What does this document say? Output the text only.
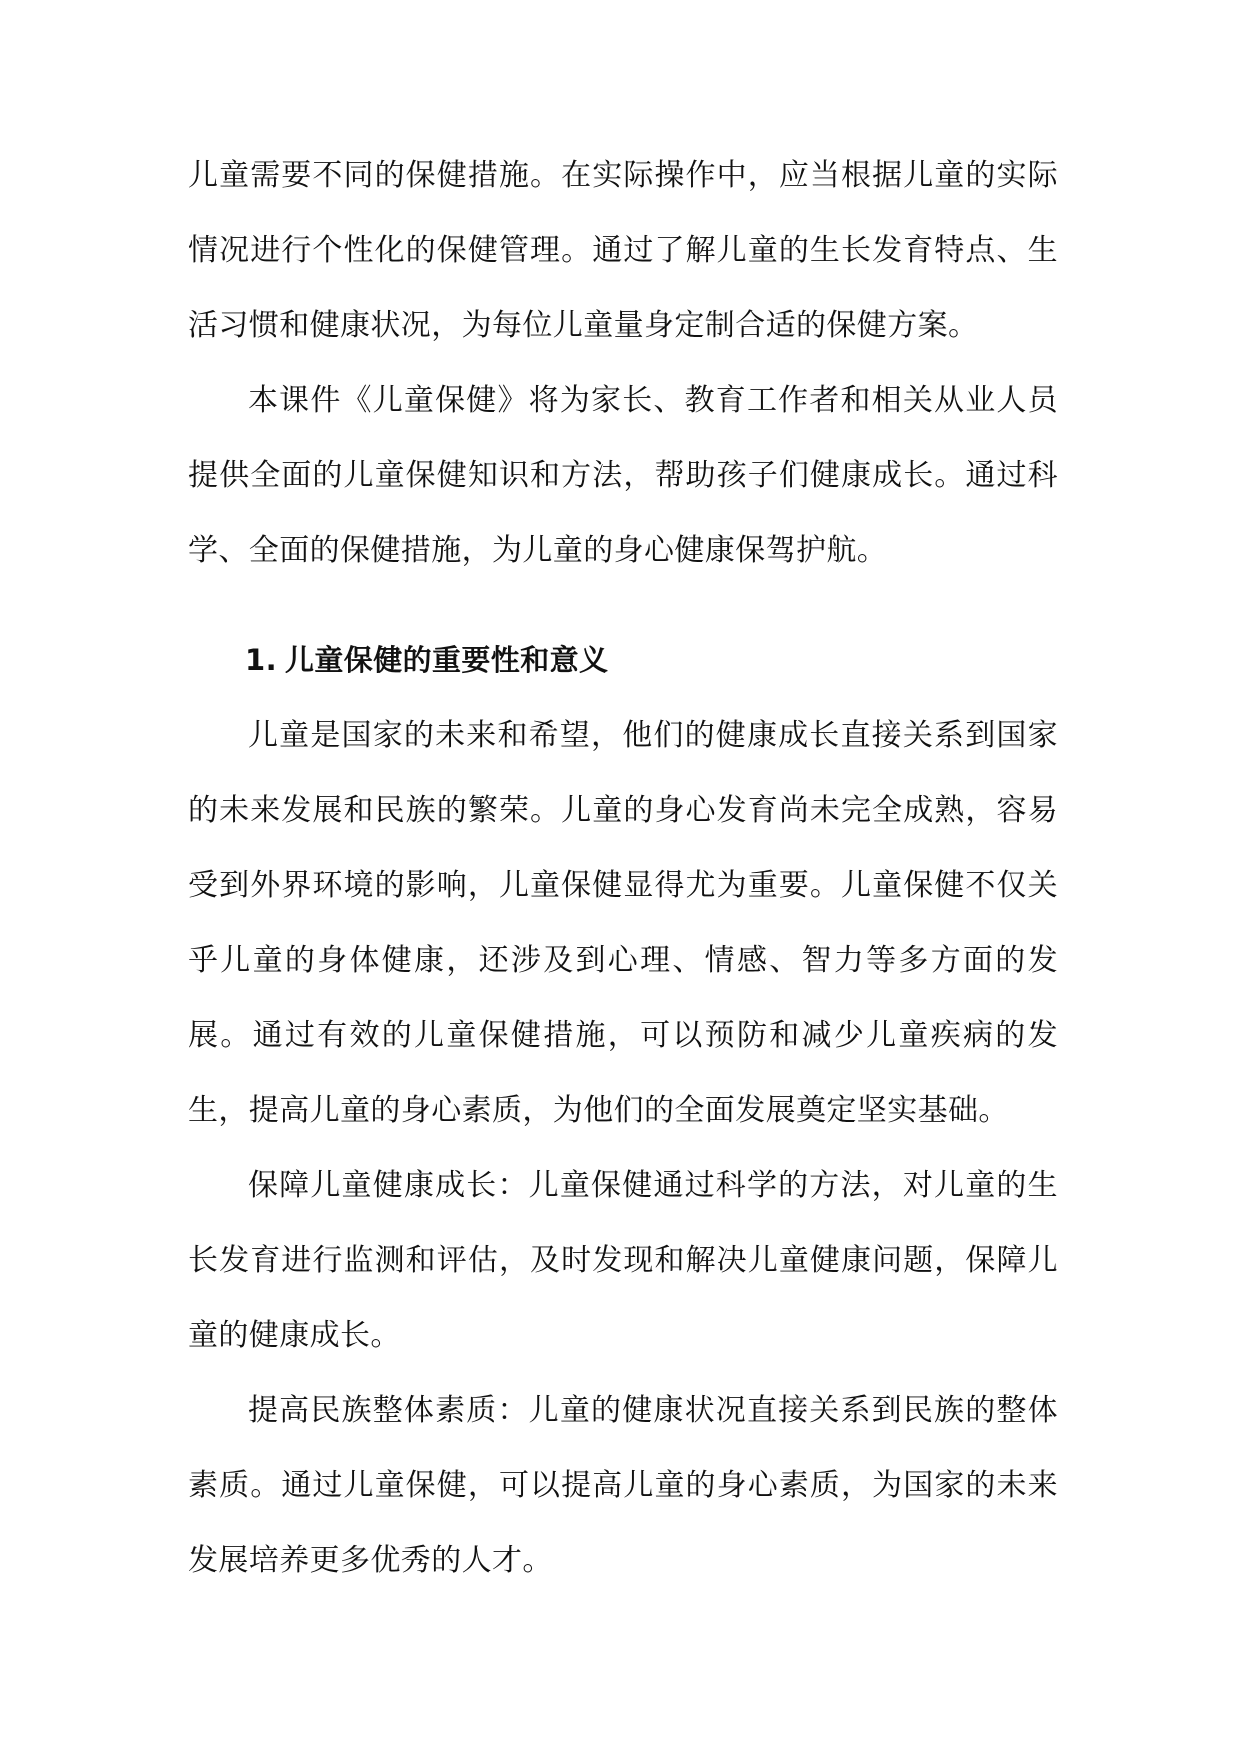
儿童需要不同的保健措施。在实际操作中，应当根据儿童的实际情况进行个性化的保健管理。通过了解儿童的生长发育特点、生活习惯和健康状况，为每位儿童量身定制合适的保健方案。

本课件《儿童保健》将为家长、教育工作者和相关从业人员提供全面的儿童保健知识和方法，帮助孩子们健康成长。通过科学、全面的保健措施，为儿童的身心健康保驾护航。

1. 儿童保健的重要性和意义

儿童是国家的未来和希望，他们的健康成长直接关系到国家的未来发展和民族的繁荣。儿童的身心发育尚未完全成熟，容易受到外界环境的影响，儿童保健显得尤为重要。儿童保健不仅关乎儿童的身体健康，还涉及到心理、情感、智力等多方面的发展。通过有效的儿童保健措施，可以预防和减少儿童疾病的发生，提高儿童的身心素质，为他们的全面发展奠定坚实基础。

保障儿童健康成长：儿童保健通过科学的方法，对儿童的生长发育进行监测和评估，及时发现和解决儿童健康问题，保障儿童的健康成长。

提高民族整体素质：儿童的健康状况直接关系到民族的整体素质。通过儿童保健，可以提高儿童的身心素质，为国家的未来发展培养更多优秀的人才。
